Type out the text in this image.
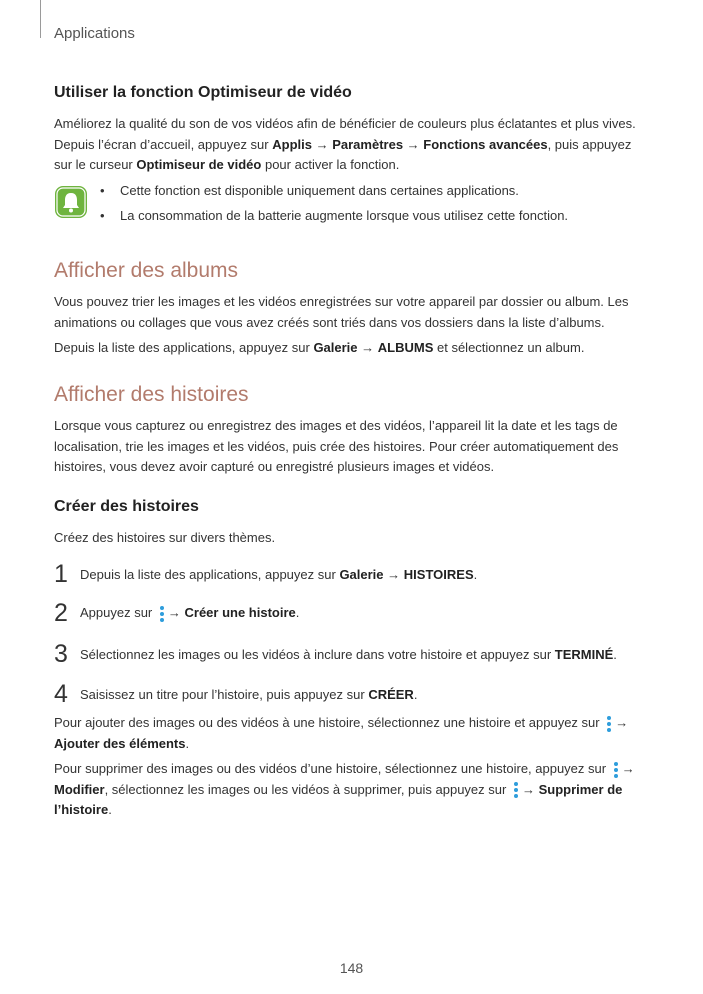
Applications
Utiliser la fonction Optimiseur de vidéo

Améliorez la qualité du son de vos vidéos afin de bénéficier de couleurs plus éclatantes et plus vives.
Depuis l’écran d’accueil, appuyez sur Applis → Paramètres → Fonctions avancées, puis appuyez
sur le curseur Optimiseur de vidéo pour activer la fonction.

• Cette fonction est disponible uniquement dans certaines applications.
• La consommation de la batterie augmente lorsque vous utilisez cette fonction.
Afficher des albums

Vous pouvez trier les images et les vidéos enregistrées sur votre appareil par dossier ou album. Les
animations ou collages que vous avez créés sont triés dans vos dossiers dans la liste d’albums.

Depuis la liste des applications, appuyez sur Galerie → ALBUMS et sélectionnez un album.

Afficher des histoires

Lorsque vous capturez ou enregistrez des images et des vidéos, l’appareil lit la date et les tags de
localisation, trie les images et les vidéos, puis crée des histoires. Pour créer automatiquement des
histoires, vous devez avoir capturé ou enregistré plusieurs images et vidéos.

Créer des histoires

Créez des histoires sur divers thèmes.

1 Depuis la liste des applications, appuyez sur Galerie → HISTOIRES.
2 Appuyez sur
→ Créer une histoire.
3 Sélectionnez les images ou les vidéos à inclure dans votre histoire et appuyez sur TERMINÉ.
4 Saisissez un titre pour l’histoire, puis appuyez sur CRÉER.

Pour ajouter des images ou des vidéos à une histoire, sélectionnez une histoire et appuyez sur
→
Ajouter des éléments.

Pour supprimer des images ou des vidéos d’une histoire, sélectionnez une histoire, appuyez sur
→
Modifier, sélectionnez les images ou les vidéos à supprimer, puis appuyez sur
→ Supprimer de
l’histoire.

148
